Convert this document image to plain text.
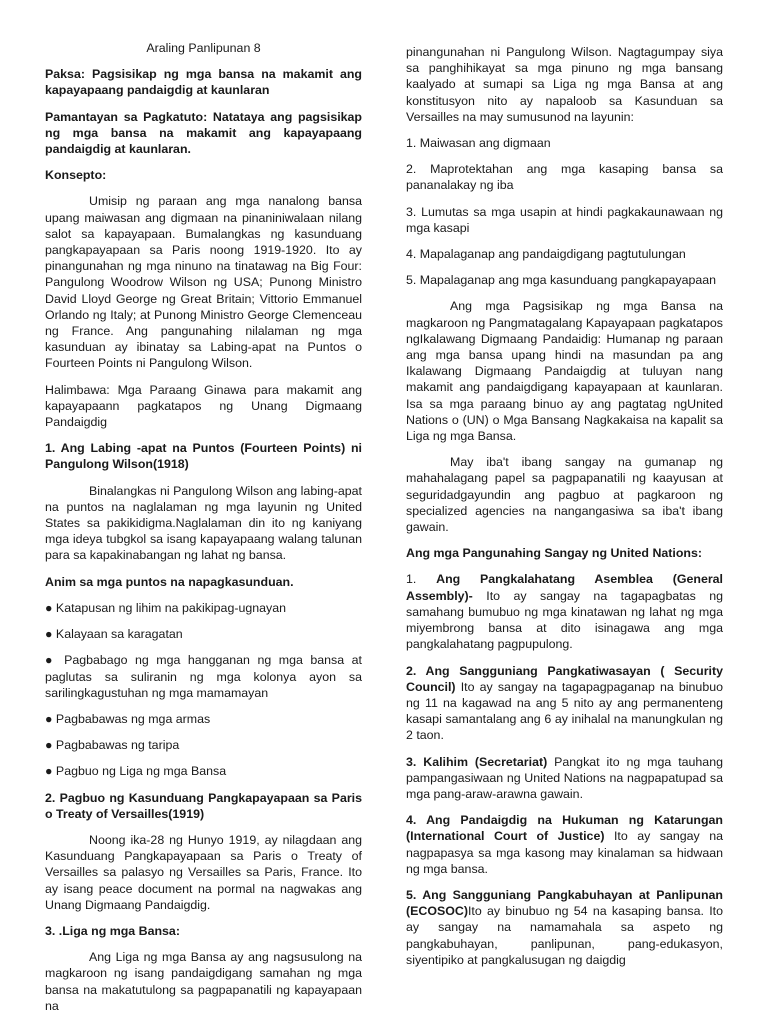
Araling Panlipunan 8

Paksa: Pagsisikap ng mga bansa na makamit ang kapayapaang pandaigdig at kaunlaran

Pamantayan sa Pagkatuto: Natataya ang pagsisikap ng mga bansa na makamit ang kapayapaang pandaigdig at kaunlaran.

Konsepto:

Umisip ng paraan ang mga nanalong bansa upang maiwasan ang digmaan na pinaniniwalaan nilang salot sa kapayapaan. Bumalangkas ng kasunduang pangkapayapaan sa Paris noong 1919-1920. Ito ay pinangunahan ng mga ninuno na tinatawag na Big Four: Pangulong Woodrow Wilson ng USA; Punong Ministro David Lloyd George ng Great Britain; Vittorio Emmanuel Orlando ng Italy; at Punong Ministro George Clemenceau ng France. Ang pangunahing nilalaman ng mga kasunduan ay ibinatay sa Labing-apat na Puntos o Fourteen Points ni Pangulong Wilson.

Halimbawa: Mga Paraang Ginawa para makamit ang kapayapaann pagkatapos ng Unang Digmaang Pandaigdig

1. Ang Labing -apat na Puntos (Fourteen Points) ni Pangulong Wilson(1918)

Binalangkas ni Pangulong Wilson ang labing-apat na puntos na naglalaman ng mga layunin ng United States sa pakikidigma.Naglalaman din ito ng kaniyang mga ideya tubgkol sa isang kapayapaang walang talunan para sa kapakinabangan ng lahat ng bansa.

Anim sa mga puntos na napagkasunduan.

● Katapusan ng lihim na pakikipag-ugnayan

● Kalayaan sa karagatan

● Pagbabago ng mga hangganan ng mga bansa at paglutas sa suliranin ng mga kolonya ayon sa sarilingkagustuhan ng mga mamamayan

● Pagbabawas ng mga armas

● Pagbabawas ng taripa

● Pagbuo ng Liga ng mga Bansa

2. Pagbuo ng Kasunduang Pangkapayapaan sa Paris o Treaty of Versailles(1919)

Noong ika-28 ng Hunyo 1919, ay nilagdaan ang Kasunduang Pangkapayapaan sa Paris o Treaty of Versailles sa palasyo ng Versailles sa Paris, France. Ito ay isang peace document na pormal na nagwakas ang Unang Digmaang Pandaigdig.

3. .Liga ng mga Bansa:

Ang Liga ng mga Bansa ay ang nagsusulong na magkaroon ng isang pandaigdigang samahan ng mga bansa na makatutulong sa pagpapanatili ng kapayapaan na

pinangunahan ni Pangulong Wilson. Nagtagumpay siya sa panghihikayat sa mga pinuno ng mga bansang kaalyado at sumapi sa Liga ng mga Bansa at ang konstitusyon nito ay napaloob sa Kasunduan sa Versailles na may sumusunod na layunin:

1. Maiwasan ang digmaan

2. Maprotektahan ang mga kasaping bansa sa pananalakay ng iba

3. Lumutas sa mga usapin at hindi pagkakaunawaan ng mga kasapi

4. Mapalaganap ang pandaigdigang pagtutulungan

5. Mapalaganap ang mga kasunduang pangkapayapaan

Ang mga Pagsisikap ng mga Bansa na magkaroon ng Pangmatagalang Kapayapaan pagkatapos ngIkalawang Digmaang Pandaidig: Humanap ng paraan ang mga bansa upang hindi na masundan pa ang Ikalawang Digmaang Pandaigdig at tuluyan nang makamit ang pandaigdigang kapayapaan at kaunlaran. Isa sa mga paraang binuo ay ang pagtatag ngUnited Nations o (UN) o Mga Bansang Nagkakaisa na kapalit sa Liga ng mga Bansa.

May iba't ibang sangay na gumanap ng mahahalagang papel sa pagpapanatili ng kaayusan at seguridadgayundin ang pagbuo at pagkaroon ng specialized agencies na nangangasiwa sa iba't ibang gawain.

Ang mga Pangunahing Sangay ng United Nations:

1. Ang Pangkalahatang Asemblea (General Assembly)- Ito ay sangay na tagapagbatas ng samahang bumubuo ng mga kinatawan ng lahat ng mga miyembrong bansa at dito isinagawa ang mga pangkalahatang pagpupulong.

2. Ang Sangguniang Pangkatiwasayan ( Security Council) Ito ay sangay na tagapagpaganap na binubuo ng 11 na kagawad na ang 5 nito ay ang permanenteng kasapi samantalang ang 6 ay inihalal na manungkulan ng 2 taon.

3. Kalihim (Secretariat) Pangkat ito ng mga tauhang pampangasiwaan ng United Nations na nagpapatupad sa mga pang-araw-arawna gawain.

4. Ang Pandaigdig na Hukuman ng Katarungan (International Court of Justice) Ito ay sangay na nagpapasya sa mga kasong may kinalaman sa hidwaan ng mga bansa.

5. Ang Sangguniang Pangkabuhayan at Panlipunan (ECOSOC)Ito ay binubuo ng 54 na kasaping bansa. Ito ay sangay na namamahala sa aspeto ng pangkabuhayan, panlipunan, pang-edukasyon, siyentipiko at pangkalusugan ng daigdig
